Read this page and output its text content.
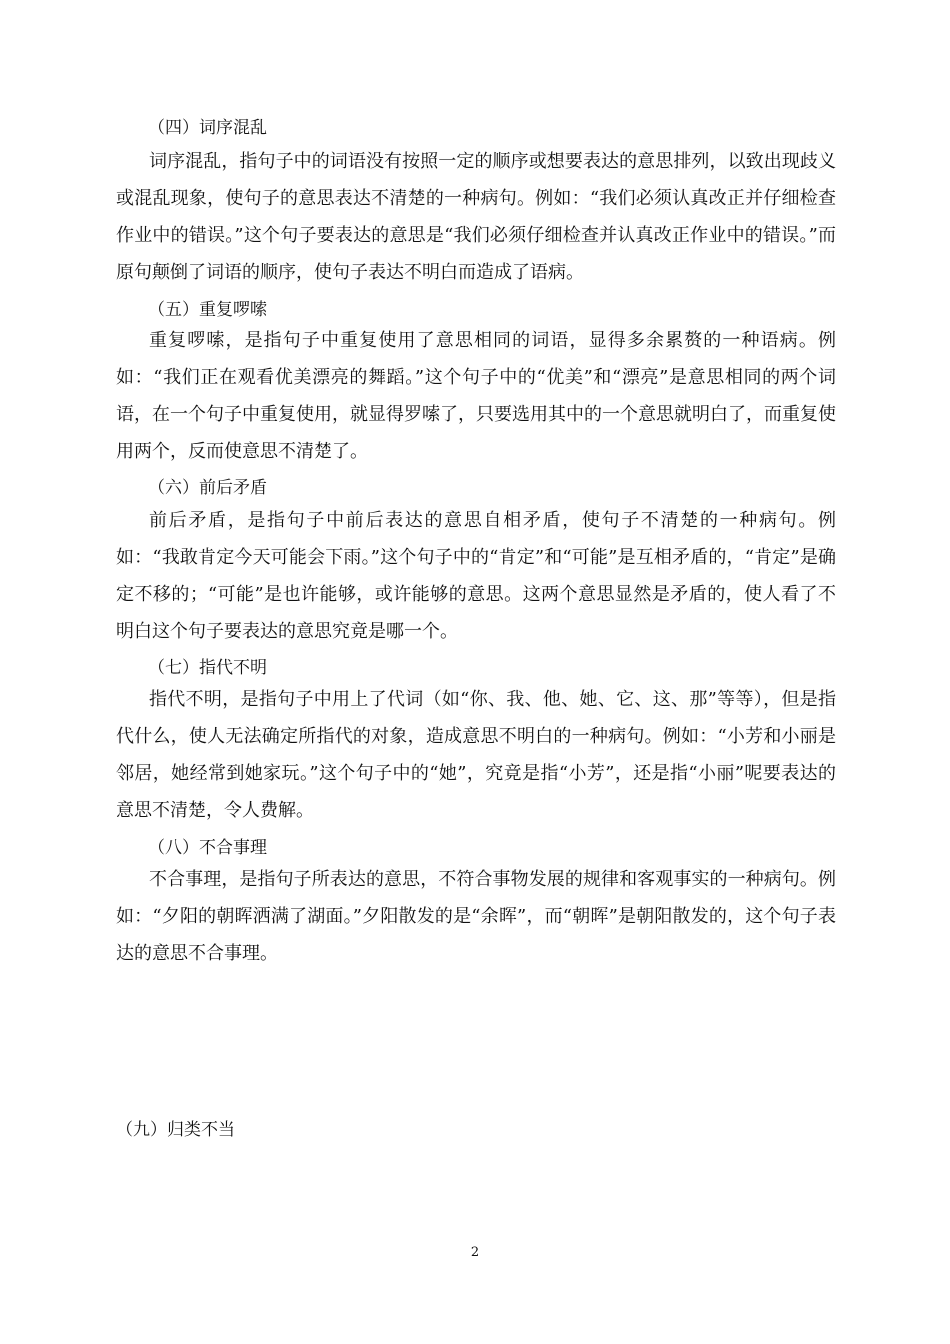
（四）词序混乱
词序混乱，指句子中的词语没有按照一定的顺序或想要表达的意思排列，以致出现歧义或混乱现象，使句子的意思表达不清楚的一种病句。例如：“我们必须认真改正并仔细检查作业中的错误。”这个句子要表达的意思是“我们必须仔细检查并认真改正作业中的错误。”而原句颠倒了词语的顺序，使句子表达不明白而造成了语病。
（五）重复啰嗦
重复啰嗦，是指句子中重复使用了意思相同的词语，显得多余累赘的一种语病。例如：“我们正在观看优美漂亮的舞蹈。”这个句子中的“优美”和“漂亮”是意思相同的两个词语，在一个句子中重复使用，就显得罗嗦了，只要选用其中的一个意思就明白了，而重复使用两个，反而使意思不清楚了。
（六）前后矛盾
前后矛盾，是指句子中前后表达的意思自相矛盾，使句子不清楚的一种病句。例如：“我敢肯定今天可能会下雨。”这个句子中的“肯定”和“可能”是互相矛盾的，“肯定”是确定不移的；“可能”是也许能够，或许能够的意思。这两个意思显然是矛盾的，使人看了不明白这个句子要表达的意思究竟是哪一个。
（七）指代不明
指代不明，是指句子中用上了代词（如“你、我、他、她、它、这、那”等等），但是指代什么，使人无法确定所指代的对象，造成意思不明白的一种病句。例如：“小芳和小丽是邻居，她经常到她家玩。”这个句子中的“她”，究竟是指“小芳”，还是指“小丽”呢要表达的意思不清楚，令人费解。
（八）不合事理
不合事理，是指句子所表达的意思，不符合事物发展的规律和客观事实的一种病句。例如：“夕阳的朝晖洒满了湖面。”夕阳散发的是“余晖”，而“朝晖”是朝阳散发的，这个句子表达的意思不合事理。
（九）归类不当
2
